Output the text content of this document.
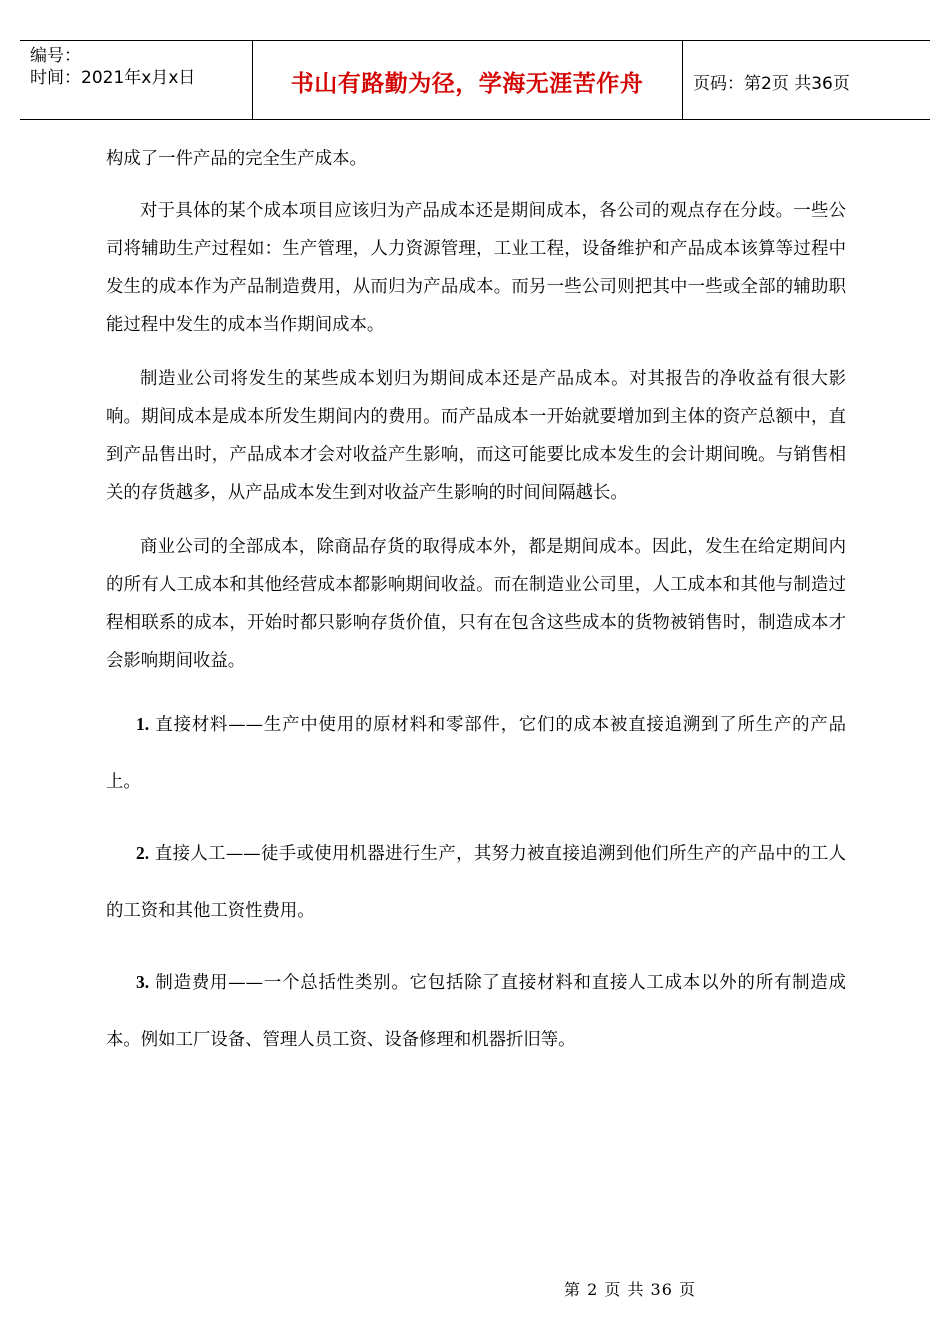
编号：
时间：2021年x月x日	书山有路勤为径，学海无涯苦作舟	页码：第2页 共36页

构成了一件产品的完全生产成本。

对于具体的某个成本项目应该归为产品成本还是期间成本，各公司的观点存在分歧。一些公司将辅助生产过程如：生产管理，人力资源管理，工业工程，设备维护和产品成本该算等过程中发生的成本作为产品制造费用，从而归为产品成本。而另一些公司则把其中一些或全部的辅助职能过程中发生的成本当作期间成本。

制造业公司将发生的某些成本划归为期间成本还是产品成本。对其报告的净收益有很大影响。期间成本是成本所发生期间内的费用。而产品成本一开始就要增加到主体的资产总额中，直到产品售出时，产品成本才会对收益产生影响，而这可能要比成本发生的会计期间晚。与销售相关的存货越多，从产品成本发生到对收益产生影响的时间间隔越长。

商业公司的全部成本，除商品存货的取得成本外，都是期间成本。因此，发生在给定期间内的所有人工成本和其他经营成本都影响期间收益。而在制造业公司里，人工成本和其他与制造过程相联系的成本，开始时都只影响存货价值，只有在包含这些成本的货物被销售时，制造成本才会影响期间收益。

1. 直接材料——生产中使用的原材料和零部件，它们的成本被直接追溯到了所生产的产品上。

2. 直接人工——徒手或使用机器进行生产，其努力被直接追溯到他们所生产的产品中的工人的工资和其他工资性费用。

3. 制造费用——一个总括性类别。它包括除了直接材料和直接人工成本以外的所有制造成本。例如工厂设备、管理人员工资、设备修理和机器折旧等。

第 2 页 共 36 页
